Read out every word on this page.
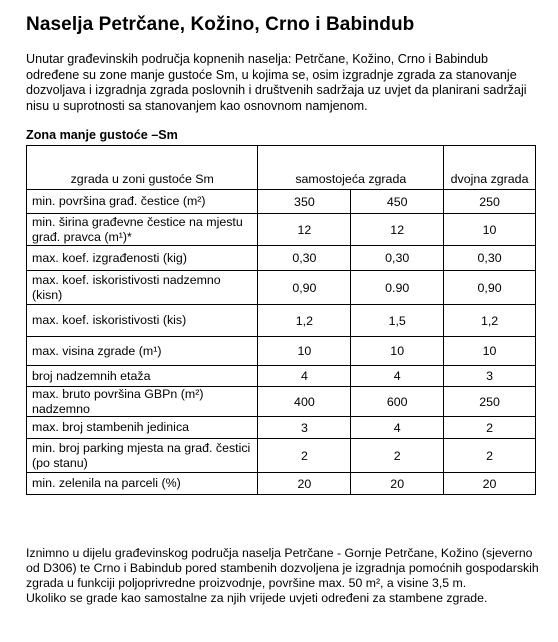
Naselja Petrčane, Kožino, Crno i Babindub
Unutar građevinskih područja kopnenih naselja: Petrčane, Kožino, Crno i Babindub određene su zone manje gustoće Sm, u kojima se, osim izgradnje zgrada za stanovanje dozvoljava i izgradnja zgrada poslovnih i društvenih sadržaja uz uvjet da planirani sadržaji nisu u suprotnosti sa stanovanjem kao osnovnom namjenom.
Zona manje gustoće –Sm
zgrada u zoni gustoće Sm	samostojeća zgrada		dvojna zgrada
min. površina građ. čestice (m²)	350	450	250
min. širina građevne čestice na mjestu građ. pravca (m¹)*	12	12	10
max. koef. izgrađenosti (kig)	0,30	0,30	0,30
max. koef. iskoristivosti nadzemno (kisn)	0,90	0.90	0,90
max. koef. iskoristivosti (kis)	1,2	1,5	1,2
max. visina zgrade (m¹)	10	10	10
broj nadzemnih etaža	4	4	3
max. bruto površina GBPn (m²) nadzemno	400	600	250
max. broj stambenih jedinica	3	4	2
min. broj parking mjesta na građ. čestici (po stanu)	2	2	2
min. zelenila na parceli (%)	20	20	20
Iznimno u dijelu građevinskog područja naselja Petrčane - Gornje Petrčane, Kožino (sjeverno od D306) te Crno i Babindub pored stambenih dozvoljena je izgradnja pomoćnih gospodarskih zgrada u funkciji poljoprivredne proizvodnje, površine max. 50 m², a visine 3,5 m.
Ukoliko se grade kao samostalne za njih vrijede uvjeti određeni za stambene zgrade.
